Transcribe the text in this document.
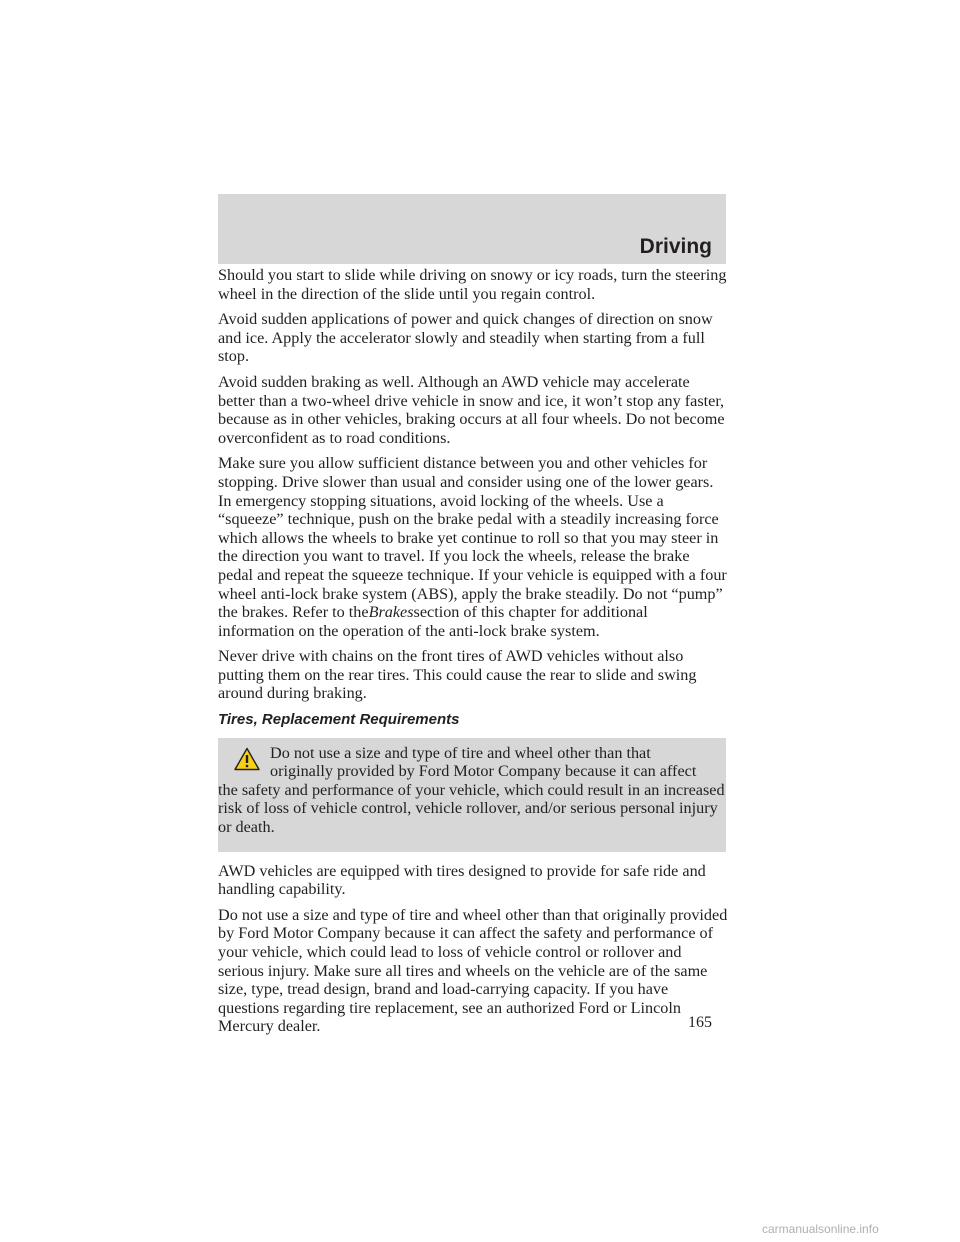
Driving

Should you start to slide while driving on snowy or icy roads, turn the steering wheel in the direction of the slide until you regain control.

Avoid sudden applications of power and quick changes of direction on snow and ice. Apply the accelerator slowly and steadily when starting from a full stop.

Avoid sudden braking as well. Although an AWD vehicle may accelerate better than a two-wheel drive vehicle in snow and ice, it won’t stop any faster, because as in other vehicles, braking occurs at all four wheels. Do not become overconfident as to road conditions.

Make sure you allow sufficient distance between you and other vehicles for stopping. Drive slower than usual and consider using one of the lower gears. In emergency stopping situations, avoid locking of the wheels. Use a “squeeze” technique, push on the brake pedal with a steadily increasing force which allows the wheels to brake yet continue to roll so that you may steer in the direction you want to travel. If you lock the wheels, release the brake pedal and repeat the squeeze technique. If your vehicle is equipped with a four wheel anti-lock brake system (ABS), apply the brake steadily. Do not “pump” the brakes. Refer to theBrakessection of this chapter for additional information on the operation of the anti-lock brake system.

Never drive with chains on the front tires of AWD vehicles without also putting them on the rear tires. This could cause the rear to slide and swing around during braking.

Tires, Replacement Requirements

Do not use a size and type of tire and wheel other than that
originally provided by Ford Motor Company because it can affect
the safety and performance of your vehicle, which could result in an increased risk of loss of vehicle control, vehicle rollover, and/or serious personal injury or death.

AWD vehicles are equipped with tires designed to provide for safe ride and handling capability.

Do not use a size and type of tire and wheel other than that originally provided by Ford Motor Company because it can affect the safety and performance of your vehicle, which could lead to loss of vehicle control or rollover and serious injury. Make sure all tires and wheels on the vehicle are of the same size, type, tread design, brand and load-carrying capacity. If you have questions regarding tire replacement, see an authorized Ford or Lincoln Mercury dealer.	165
carmanualsonline.info
